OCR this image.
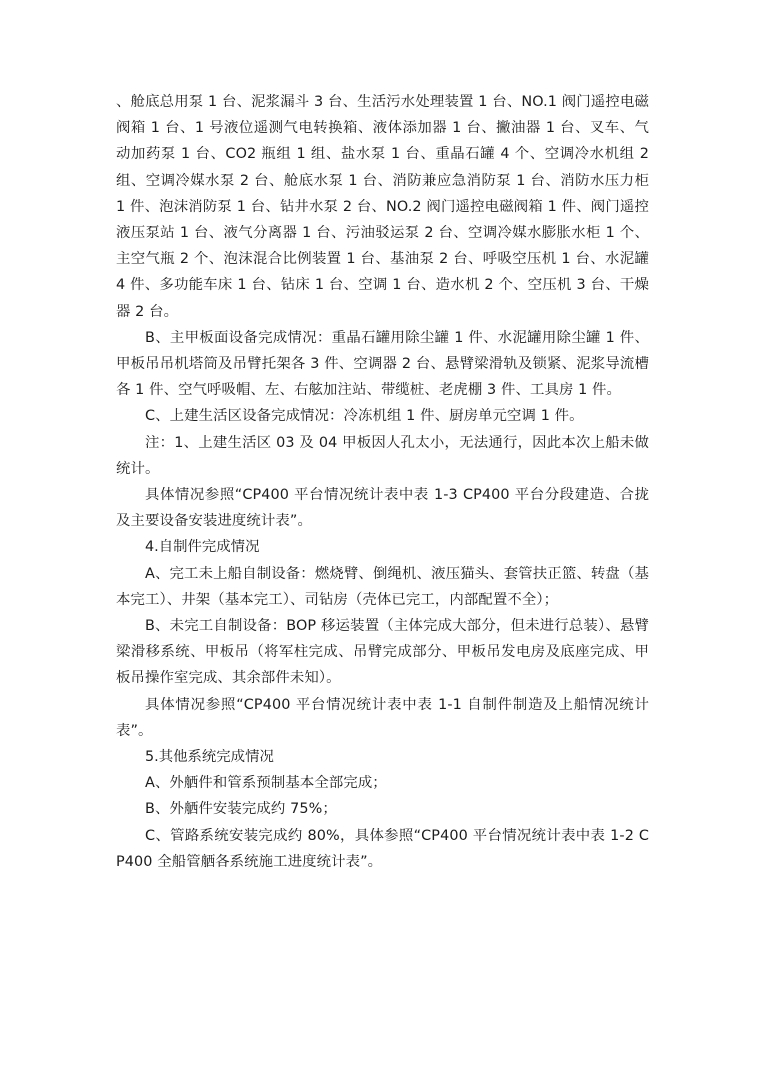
、舱底总用泵 1 台、泥浆漏斗 3 台、生活污水处理装置 1 台、NO.1 阀门遥控电磁阀箱 1 台、1 号液位遥测气电转换箱、液体添加器 1 台、撇油器 1 台、叉车、气动加药泵 1 台、CO2 瓶组 1 组、盐水泵 1 台、重晶石罐 4 个、空调冷水机组 2 组、空调冷媒水泵 2 台、舱底水泵 1 台、消防兼应急消防泵 1 台、消防水压力柜 1 件、泡沫消防泵 1 台、钻井水泵 2 台、NO.2 阀门遥控电磁阀箱 1 件、阀门遥控液压泵站 1 台、液气分离器 1 台、污油驳运泵 2 台、空调冷媒水膨胀水柜 1 个、主空气瓶 2 个、泡沫混合比例装置 1 台、基油泵 2 台、呼吸空压机 1 台、水泥罐 4 件、多功能车床 1 台、钻床 1 台、空调 1 台、造水机 2 个、空压机 3 台、干燥器 2 台。

B、主甲板面设备完成情况：重晶石罐用除尘罐 1 件、水泥罐用除尘罐 1 件、甲板吊吊机塔筒及吊臂托架各 3 件、空调器 2 台、悬臂梁滑轨及锁紧、泥浆导流槽各 1 件、空气呼吸帽、左、右舷加注站、带缆桩、老虎棚 3 件、工具房 1 件。

C、上建生活区设备完成情况：冷冻机组 1 件、厨房单元空调 1 件。

注：1、上建生活区 03 及 04 甲板因人孔太小，无法通行，因此本次上船未做统计。

具体情况参照“CP400 平台情况统计表中表 1-3 CP400 平台分段建造、合拢及主要设备安装进度统计表”。

4.自制件完成情况

A、完工未上船自制设备：燃烧臂、倒绳机、液压猫头、套管扶正篮、转盘（基本完工）、井架（基本完工）、司钻房（壳体已完工，内部配置不全）；

B、未完工自制设备：BOP 移运装置（主体完成大部分，但未进行总装）、悬臂梁滑移系统、甲板吊（将军柱完成、吊臂完成部分、甲板吊发电房及底座完成、甲板吊操作室完成、其余部件未知）。

具体情况参照“CP400 平台情况统计表中表 1-1 自制件制造及上船情况统计表”。

5.其他系统完成情况

A、外舾件和管系预制基本全部完成；

B、外舾件安装完成约 75%；

C、管路系统安装完成约 80%，具体参照“CP400 平台情况统计表中表 1-2 CP400 全船管舾各系统施工进度统计表”。
